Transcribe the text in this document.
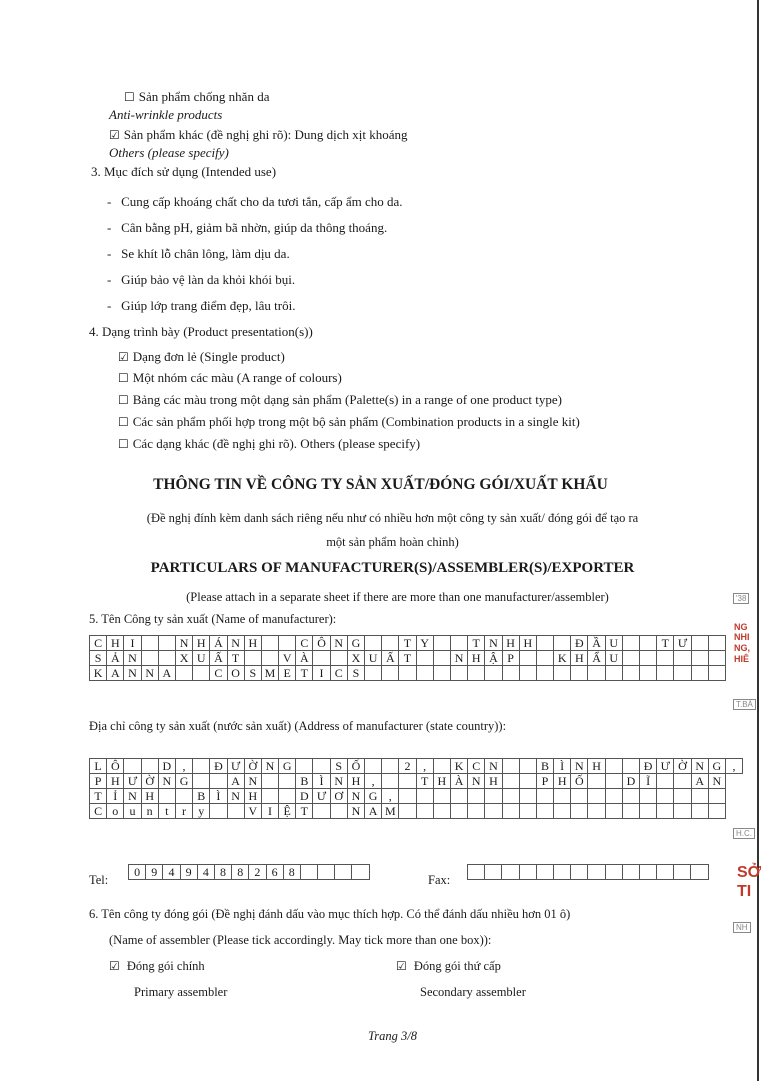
☐ Sản phẩm chống nhăn da
Anti-wrinkle products
☑ Sản phẩm khác (đề nghị ghi rõ): Dung dịch xịt khoáng
Others (please specify)
3. Mục đích sử dụng (Intended use)
-   Cung cấp khoáng chất cho da tươi tắn, cấp ẩm cho da.
-   Cân bằng pH, giảm bã nhờn, giúp da thông thoáng.
-   Se khít lỗ chân lông, làm dịu da.
-   Giúp bảo vệ làn da khỏi khói bụi.
-   Giúp lớp trang điểm đẹp, lâu trôi.
4. Dạng trình bày (Product presentation(s))
☑ Dạng đơn lẻ (Single product)
☐ Một nhóm các màu (A range of colours)
☐ Bảng các màu trong một dạng sản phẩm (Palette(s) in a range of one product type)
☐ Các sản phẩm phối hợp trong một bộ sản phẩm (Combination products in a single kit)
☐ Các dạng khác (đề nghị ghi rõ). Others (please specify)
THÔNG TIN VỀ CÔNG TY SẢN XUẤT/ĐÓNG GÓI/XUẤT KHẨU
(Đề nghị đính kèm danh sách riêng nếu như có nhiều hơn một công ty sản xuất/ đóng gói để tạo ra
một sản phẩm hoàn chỉnh)
PARTICULARS OF MANUFACTURER(S)/ASSEMBLER(S)/EXPORTER
(Please attach in a separate sheet if there are more than one manufacturer/assembler)
5. Tên Công ty sản xuất (Name of manufacturer):
C	H	I			N	H	Á	N	H			C	Ô	N	G			T	Y			T	N	H	H			Đ	Ầ	U			T	Ư		
S	Ả	N			X	U	Ấ	T			V	À			X	U	Ấ	T			N	H	Ậ	P			K	H	Ẩ	U						
K	A	N	N	A			C	O	S	M	E	T	I	C	S																					
Địa chỉ công ty sản xuất (nước sản xuất) (Address of manufacturer (state country)):
L	Ô			D	,		Đ	Ư	Ờ	N	G			S	Ố			2	,		K	C	N			B	Ì	N	H			Đ	Ư	Ờ	N	G	,
P	H	Ư	Ờ	N	G			A	N			B	Ì	N	H	,			T	H	À	N	H			P	H	Ố			D	Ĩ			A	N	
T	Ỉ	N	H			B	Ì	N	H			D	Ư	Ơ	N	G	,																				
C	o	u	n	t	r	y			V	I	Ệ	T			N	A	M																				
Tel:
0	9	4	9	4	8	8	2	6	8				
Fax:

6. Tên công ty đóng gói (Đề nghị đánh dấu vào mục thích hợp. Có thể đánh dấu nhiều hơn 01 ô)
(Name of assembler (Please tick accordingly. May tick more than one box)):
☑ Đóng gói chính
Primary assembler
☑ Đóng gói thứ cấp
Secondary assembler
Trang 3/8
'38
NG
NHI
NG,
HIÊ
T.BÀ
H.C.
SỞ
TI
NH
